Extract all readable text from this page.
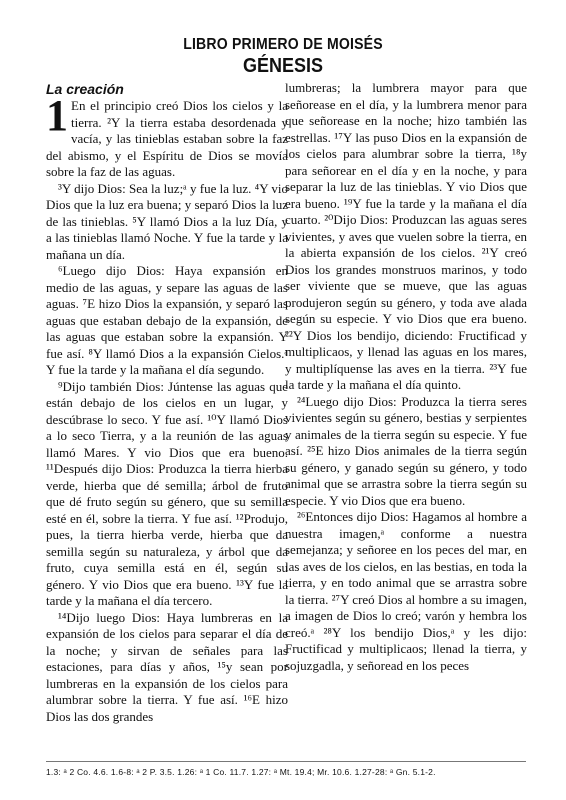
LIBRO PRIMERO DE MOISÉS
GÉNESIS
La creación

1 En el principio creó Dios los cielos y la tierra. ²Y la tierra estaba desordenada y vacía, y las tinieblas estaban sobre la faz del abismo, y el Espíritu de Dios se movía sobre la faz de las aguas.

³Y dijo Dios: Sea la luz;ᵃ y fue la luz. ⁴Y vio Dios que la luz era buena; y separó Dios la luz de las tinieblas. ⁵Y llamó Dios a la luz Día, y a las tinieblas llamó Noche. Y fue la tarde y la mañana un día.

⁶Luego dijo Dios: Haya expansión en medio de las aguas, y separe las aguas de las aguas. ⁷E hizo Dios la expansión, y separó las aguas que estaban debajo de la expansión, de las aguas que estaban sobre la expansión. Y fue así. ⁸Y llamó Dios a la expansión Cielos.ᵃ Y fue la tarde y la mañana el día segundo.

⁹Dijo también Dios: Júntense las aguas que están debajo de los cielos en un lugar, y descúbrase lo seco. Y fue así. ¹⁰Y llamó Dios a lo seco Tierra, y a la reunión de las aguas llamó Mares. Y vio Dios que era bueno. ¹¹Después dijo Dios: Produzca la tierra hierba verde, hierba que dé semilla; árbol de fruto que dé fruto según su género, que su semilla esté en él, sobre la tierra. Y fue así. ¹²Produjo, pues, la tierra hierba verde, hierba que da semilla según su naturaleza, y árbol que da fruto, cuya semilla está en él, según su género. Y vio Dios que era bueno. ¹³Y fue la tarde y la mañana el día tercero.

¹⁴Dijo luego Dios: Haya lumbreras en la expansión de los cielos para separar el día de la noche; y sirvan de señales para las estaciones, para días y años, ¹⁵y sean por lumbreras en la expansión de los cielos para alumbrar sobre la tierra. Y fue así. ¹⁶E hizo Dios las dos grandes

lumbreras; la lumbrera mayor para que señorease en el día, y la lumbrera menor para que señorease en la noche; hizo también las estrellas. ¹⁷Y las puso Dios en la expansión de los cielos para alumbrar sobre la tierra, ¹⁸y para señorear en el día y en la noche, y para separar la luz de las tinieblas. Y vio Dios que era bueno. ¹⁹Y fue la tarde y la mañana el día cuarto. ²⁰Dijo Dios: Produzcan las aguas seres vivientes, y aves que vuelen sobre la tierra, en la abierta expansión de los cielos. ²¹Y creó Dios los grandes monstruos marinos, y todo ser viviente que se mueve, que las aguas produjeron según su género, y toda ave alada según su especie. Y vio Dios que era bueno. ²²Y Dios los bendijo, diciendo: Fructificad y multiplicaos, y llenad las aguas en los mares, y multiplíquense las aves en la tierra. ²³Y fue la tarde y la mañana el día quinto.

²⁴Luego dijo Dios: Produzca la tierra seres vivientes según su género, bestias y serpientes y animales de la tierra según su especie. Y fue así. ²⁵E hizo Dios animales de la tierra según su género, y ganado según su género, y todo animal que se arrastra sobre la tierra según su especie. Y vio Dios que era bueno.

²⁶Entonces dijo Dios: Hagamos al hombre a nuestra imagen,ᵃ conforme a nuestra semejanza; y señoree en los peces del mar, en las aves de los cielos, en las bestias, en toda la tierra, y en todo animal que se arrastra sobre la tierra. ²⁷Y creó Dios al hombre a su imagen, a imagen de Dios lo creó; varón y hembra los creó.ᵃ ²⁸Y los bendijo Dios,ᵃ y les dijo: Fructificad y multiplicaos; llenad la tierra, y sojuzgadla, y señoread en los peces

1.3: ᵃ 2 Co. 4.6. 1.6-8: ᵃ 2 P. 3.5. 1.26: ᵃ 1 Co. 11.7. 1.27: ᵃ Mt. 19.4; Mr. 10.6. 1.27-28: ᵃ Gn. 5.1-2.
